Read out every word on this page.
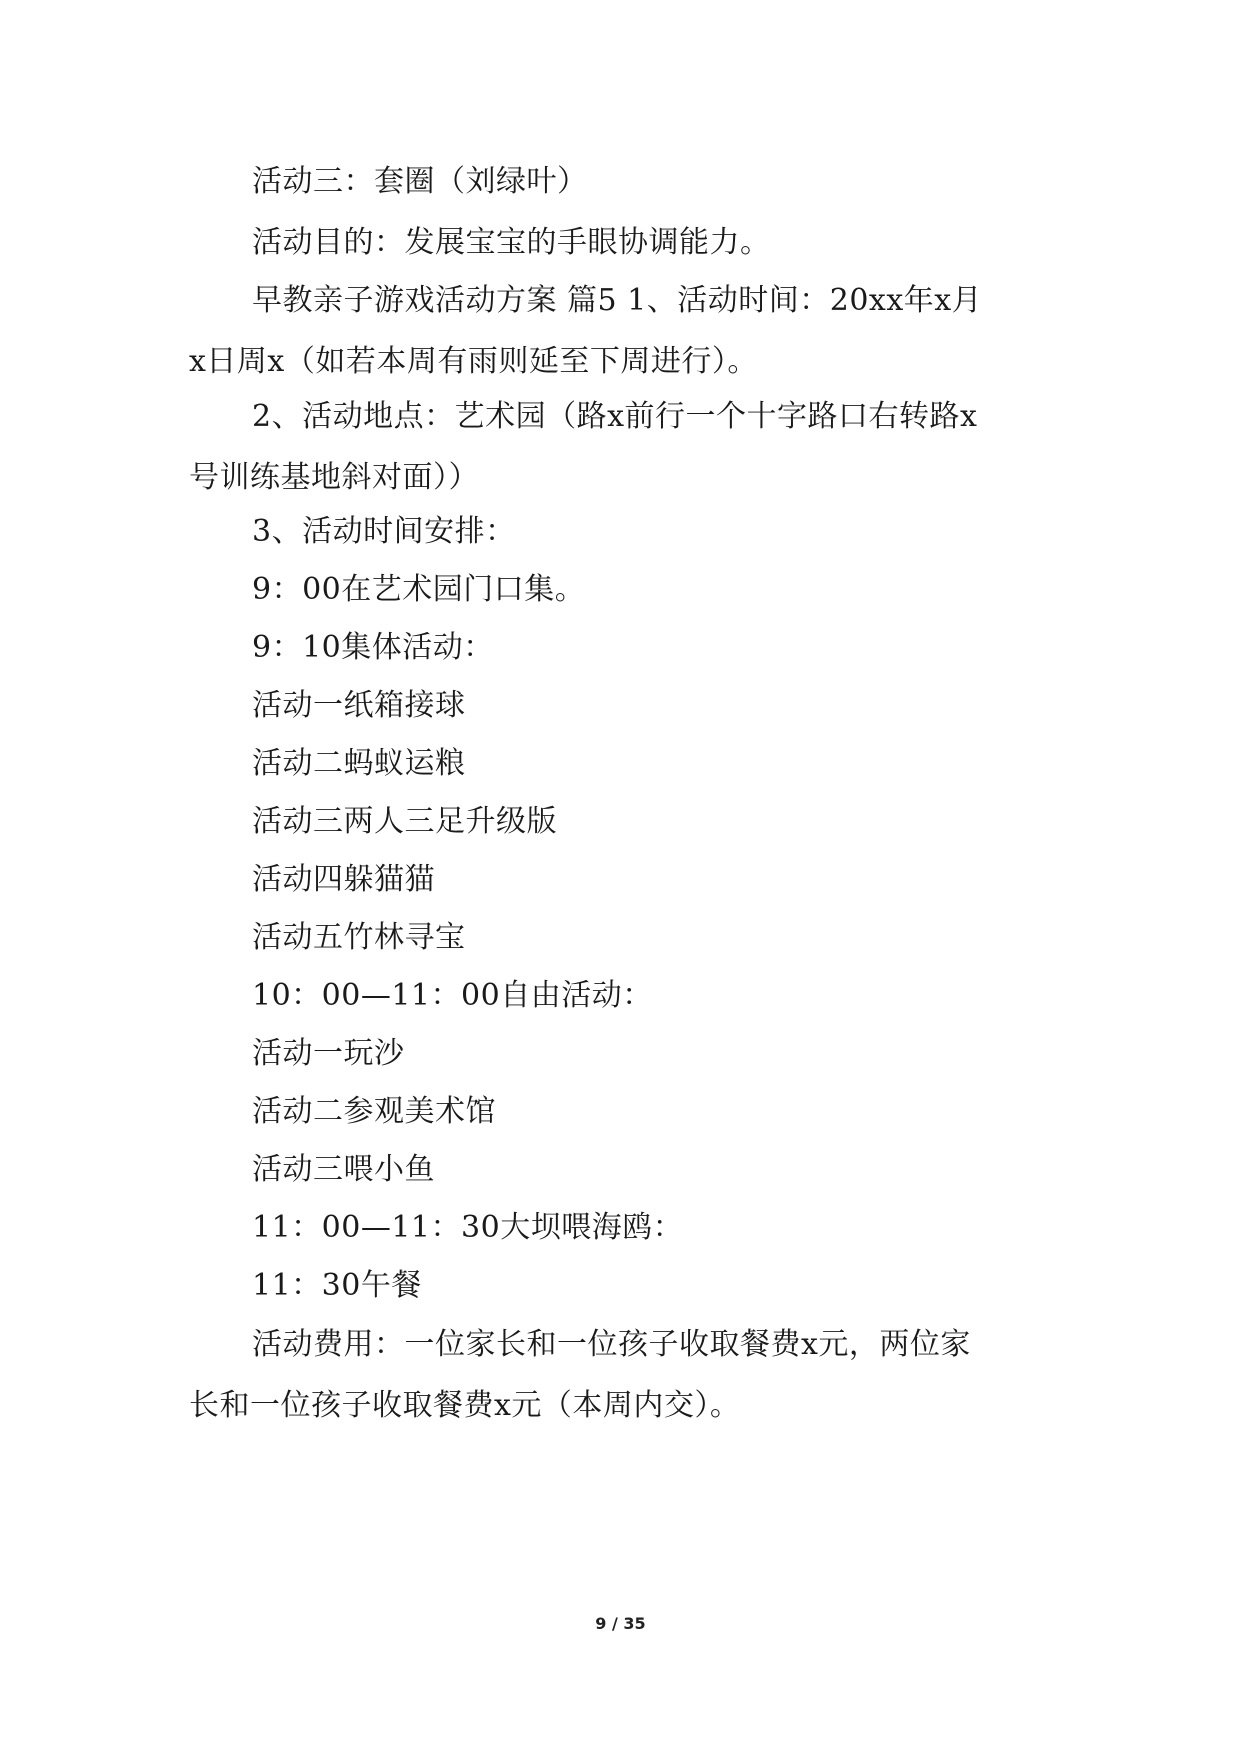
活动三：套圈（刘绿叶）

活动目的：发展宝宝的手眼协调能力。

早教亲子游戏活动方案 篇5 1、活动时间：20xx年x月x日周x（如若本周有雨则延至下周进行）。

2、活动地点：艺术园（路x前行一个十字路口右转路x号训练基地斜对面））

3、活动时间安排：

9：00在艺术园门口集。

9：10集体活动：

活动一纸箱接球

活动二蚂蚁运粮

活动三两人三足升级版

活动四躲猫猫

活动五竹林寻宝

10：00—11：00自由活动：

活动一玩沙

活动二参观美术馆

活动三喂小鱼

11：00—11：30大坝喂海鸥：

11：30午餐

活动费用：一位家长和一位孩子收取餐费x元，两位家长和一位孩子收取餐费x元（本周内交）。

9 / 35
